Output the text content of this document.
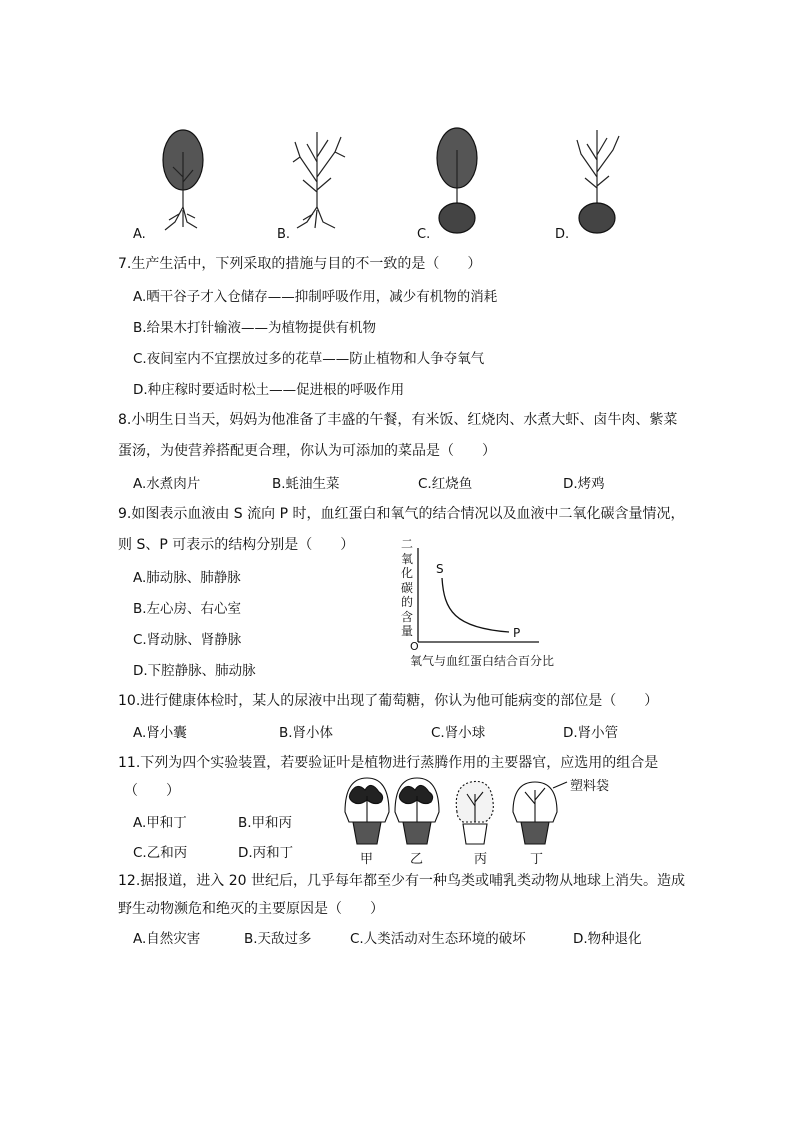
A.	B.	C.	D.
7.生产生活中，下列采取的措施与目的不一致的是（　　）
A.晒干谷子才入仓储存——抑制呼吸作用，减少有机物的消耗
B.给果木打针输液——为植物提供有机物
C.夜间室内不宜摆放过多的花草——防止植物和人争夺氧气
D.种庄稼时要适时松土——促进根的呼吸作用
8.小明生日当天，妈妈为他准备了丰盛的午餐，有米饭、红烧肉、水煮大虾、卤牛肉、紫菜
蛋汤，为使营养搭配更合理，你认为可添加的菜品是（　　）
A.水煮肉片	B.蚝油生菜	C.红烧鱼	D.烤鸡
9.如图表示血液由 S 流向 P 时，血红蛋白和氧气的结合情况以及血液中二氧化碳含量情况，
则 S、P 可表示的结构分别是（　　）
A.肺动脉、肺静脉
B.左心房、右心室
C.肾动脉、肾静脉
D.下腔静脉、肺动脉
二
氧
化
碳
的
含
量
S
P
O
氧气与血红蛋白结合百分比
10.进行健康体检时，某人的尿液中出现了葡萄糖，你认为他可能病变的部位是（　　）
A.肾小囊	B.肾小体	C.肾小球	D.肾小管
11.下列为四个实验装置，若要验证叶是植物进行蒸腾作用的主要器官，应选用的组合是
（　　）
A.甲和丁	B.甲和丙
C.乙和丙	D.丙和丁
塑料袋
甲	乙	丙	丁
12.据报道，进入 20 世纪后，几乎每年都至少有一种鸟类或哺乳类动物从地球上消失。造成
野生动物濒危和绝灭的主要原因是（　　）
A.自然灾害	B.天敌过多	C.人类活动对生态环境的破坏	D.物种退化
